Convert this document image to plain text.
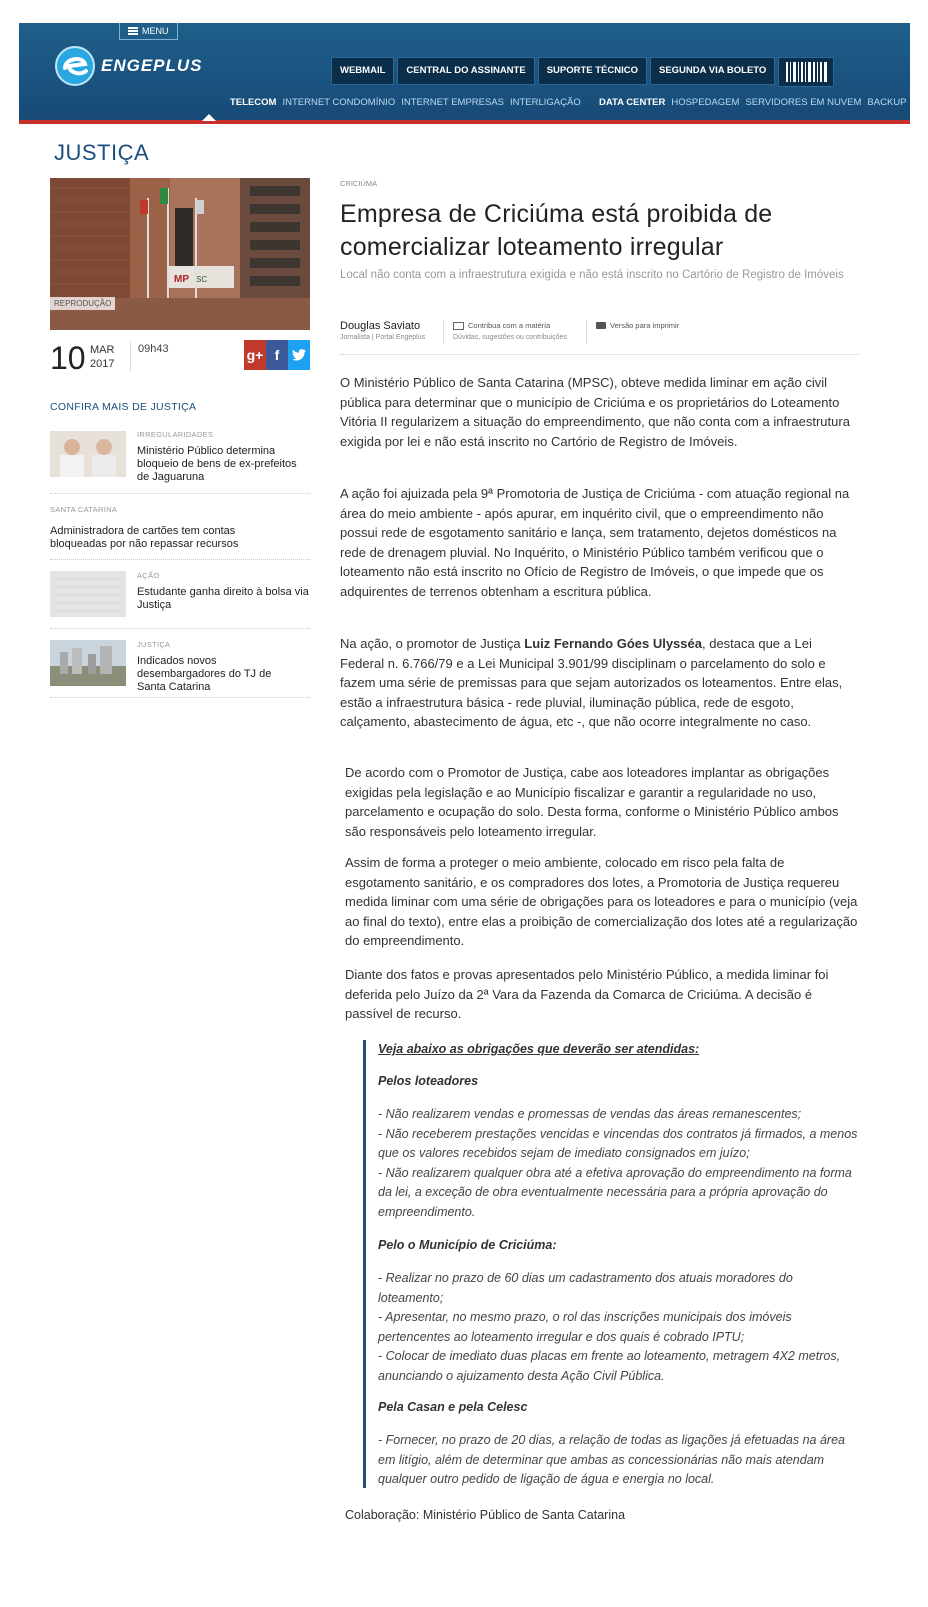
MENU
ENGEPLUS	WEBMAIL	CENTRAL DO ASSINANTE	SUPORTE TÉCNICO	SEGUNDA VIA BOLETO
TELECOM INTERNET CONDOMÍNIO INTERNET EMPRESAS INTERLIGAÇÃO DATA CENTER HOSPEDAGEM SERVIDORES EM NUVEM BACKUP
JUSTIÇA
MP SC
REPRODUÇÃO
10 MAR
2017
09h43	g+ f
CONFIRA MAIS DE JUSTIÇA
IRREGULARIDADES
Ministério Público determina bloqueio de bens de ex-prefeitos de Jaguaruna
SANTA CATARINA
Administradora de cartões tem contas bloqueadas por não repassar recursos
AÇÃO
Estudante ganha direito à bolsa via Justiça
JUSTIÇA
Indicados novos desembargadores do TJ de Santa Catarina
CRICIÚMA
Empresa de Criciúma está proibida de comercializar loteamento irregular
Local não conta com a infraestrutura exigida e não está inscrito no Cartório de Registro de Imóveis
Douglas Saviato
Jornalista | Portal Engeplus
Contribua com a matéria
Dúvidas, sugestões ou contribuições
Versão para imprimir

O Ministério Público de Santa Catarina (MPSC), obteve medida liminar em ação civil pública para determinar que o município de Criciúma e os proprietários do Loteamento Vitória II regularizem a situação do empreendimento, que não conta com a infraestrutura exigida por lei e não está inscrito no Cartório de Registro de Imóveis.

A ação foi ajuizada pela 9ª Promotoria de Justiça de Criciúma - com atuação regional na área do meio ambiente - após apurar, em inquérito civil, que o empreendimento não possui rede de esgotamento sanitário e lança, sem tratamento, dejetos domésticos na rede de drenagem pluvial. No Inquérito, o Ministério Público também verificou que o loteamento não está inscrito no Ofício de Registro de Imóveis, o que impede que os adquirentes de terrenos obtenham a escritura pública.

Na ação, o promotor de Justiça Luiz Fernando Góes Ulysséa, destaca que a Lei Federal n. 6.766/79 e a Lei Municipal 3.901/99 disciplinam o parcelamento do solo e fazem uma série de premissas para que sejam autorizados os loteamentos. Entre elas, estão a infraestrutura básica - rede pluvial, iluminação pública, rede de esgoto, calçamento, abastecimento de água, etc -, que não ocorre integralmente no caso.

De acordo com o Promotor de Justiça, cabe aos loteadores implantar as obrigações exigidas pela legislação e ao Município fiscalizar e garantir a regularidade no uso, parcelamento e ocupação do solo. Desta forma, conforme o Ministério Público ambos são responsáveis pelo loteamento irregular.

Assim de forma a proteger o meio ambiente, colocado em risco pela falta de esgotamento sanitário, e os compradores dos lotes, a Promotoria de Justiça requereu medida liminar com uma série de obrigações para os loteadores e para o município (veja ao final do texto), entre elas a proibição de comercialização dos lotes até a regularização do empreendimento.

Diante dos fatos e provas apresentados pelo Ministério Público, a medida liminar foi deferida pelo Juízo da 2ª Vara da Fazenda da Comarca de Criciúma. A decisão é passível de recurso.

Veja abaixo as obrigações que deverão ser atendidas:

Pelos loteadores

- Não realizarem vendas e promessas de vendas das áreas remanescentes;
- Não receberem prestações vencidas e vincendas dos contratos já firmados, a menos que os valores recebidos sejam de imediato consignados em juízo;
- Não realizarem qualquer obra até a efetiva aprovação do empreendimento na forma da lei, a exceção de obra eventualmente necessária para a própria aprovação do empreendimento.

Pelo o Município de Criciúma:

- Realizar no prazo de 60 dias um cadastramento dos atuais moradores do loteamento;
- Apresentar, no mesmo prazo, o rol das inscrições municipais dos imóveis pertencentes ao loteamento irregular e dos quais é cobrado IPTU;
- Colocar de imediato duas placas em frente ao loteamento, metragem 4X2 metros, anunciando o ajuizamento desta Ação Civil Pública.

Pela Casan e pela Celesc

- Fornecer, no prazo de 20 dias, a relação de todas as ligações já efetuadas na área em litígio, além de determinar que ambas as concessionárias não mais atendam qualquer outro pedido de ligação de água e energia no local.

Colaboração: Ministério Público de Santa Catarina
